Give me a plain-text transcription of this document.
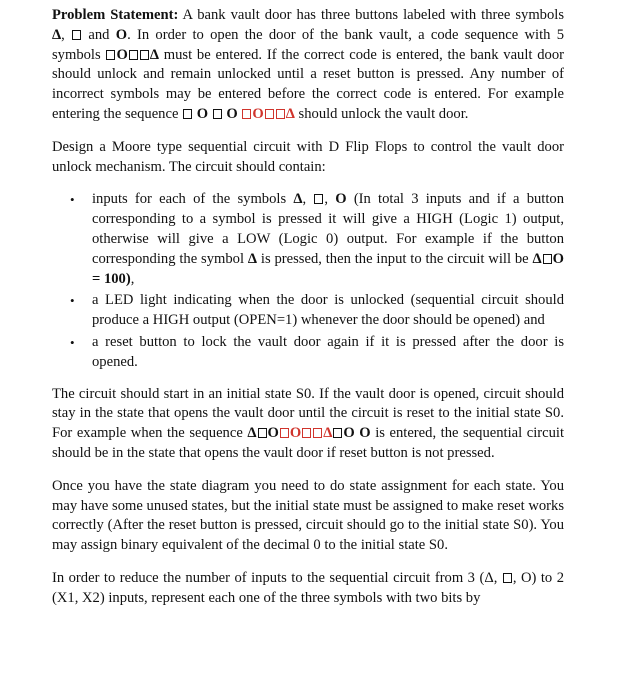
Problem Statement: A bank vault door has three buttons labeled with three symbols Δ,  and O. In order to open the door of the bank vault, a code sequence with 5 symbols O Δ must be entered. If the correct code is entered, the bank vault door should unlock and remain unlocked until a reset button is pressed. Any number of incorrect symbols may be entered before the correct code is entered. For example entering the sequence  O  O O Δ should unlock the vault door.

Design a Moore type sequential circuit with D Flip Flops to control the vault door unlock mechanism. The circuit should contain:

• inputs for each of the symbols Δ, , O (In total 3 inputs and if a button corresponding to a symbol is pressed it will give a HIGH (Logic 1) output, otherwise will give a LOW (Logic 0) output. For example if the button corresponding the symbol Δ is pressed, then the input to the circuit will be Δ O = 100),
• a LED light indicating when the door is unlocked (sequential circuit should produce a HIGH output (OPEN=1) whenever the door should be opened) and
• a reset button to lock the vault door again if it is pressed after the door is opened.

The circuit should start in an initial state S0. If the vault door is opened, circuit should stay in the state that opens the vault door until the circuit is reset to the initial state S0. For example when the sequence Δ O O Δ O O is entered, the sequential circuit should be in the state that opens the vault door if reset button is not pressed.

Once you have the state diagram you need to do state assignment for each state. You may have some unused states, but the initial state must be assigned to make reset works correctly (After the reset button is pressed, circuit should go to the initial state S0). You may assign binary equivalent of the decimal 0 to the initial state S0.

In order to reduce the number of inputs to the sequential circuit from 3 (Δ, , O) to 2 (X1, X2) inputs, represent each one of the three symbols with two bits by
